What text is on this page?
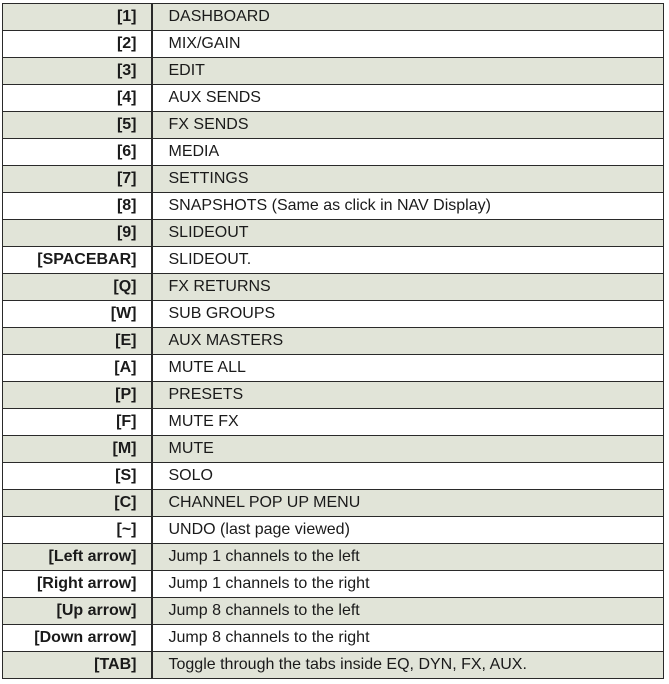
[1]	DASHBOARD
[2]	MIX/GAIN
[3]	EDIT
[4]	AUX SENDS
[5]	FX SENDS
[6]	MEDIA
[7]	SETTINGS
[8]	SNAPSHOTS (Same as click in NAV Display)
[9]	SLIDEOUT
[SPACEBAR]	SLIDEOUT.
[Q]	FX RETURNS
[W]	SUB GROUPS
[E]	AUX MASTERS
[A]	MUTE ALL
[P]	PRESETS
[F]	MUTE FX
[M]	MUTE
[S]	SOLO
[C]	CHANNEL POP UP MENU
[~]	UNDO (last page viewed)
[Left arrow]	Jump 1 channels to the left
[Right arrow]	Jump 1 channels to the right
[Up arrow]	Jump 8 channels to the left
[Down arrow]	Jump 8 channels to the right
[TAB]	Toggle through the tabs inside EQ, DYN, FX, AUX.
